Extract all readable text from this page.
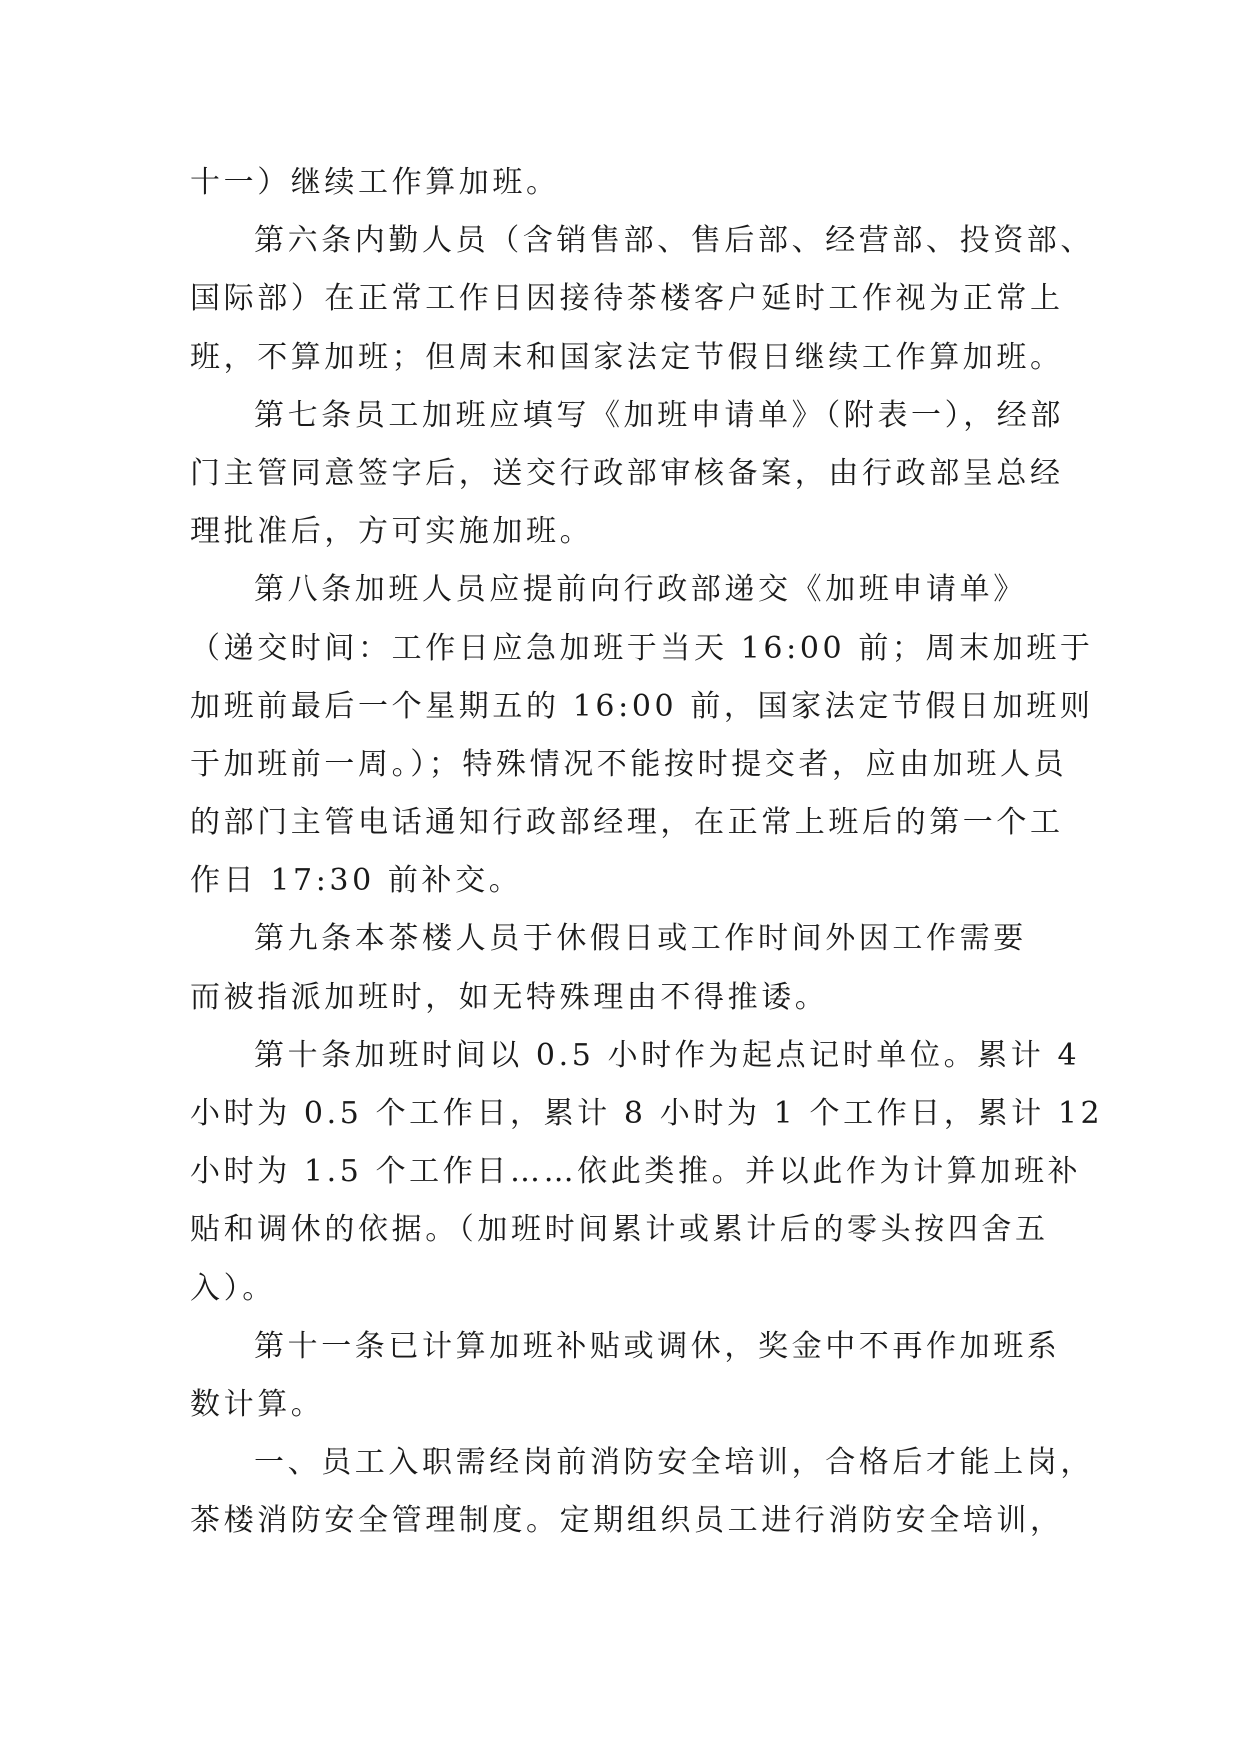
十一）继续工作算加班。
第六条内勤人员（含销售部、售后部、经营部、投资部、
国际部）在正常工作日因接待茶楼客户延时工作视为正常上
班，不算加班；但周末和国家法定节假日继续工作算加班。
第七条员工加班应填写《加班申请单》（附表一），经部
门主管同意签字后，送交行政部审核备案，由行政部呈总经
理批准后，方可实施加班。
第八条加班人员应提前向行政部递交《加班申请单》
（递交时间：工作日应急加班于当天 16:00 前；周末加班于
加班前最后一个星期五的 16:00 前，国家法定节假日加班则
于加班前一周。）；特殊情况不能按时提交者，应由加班人员
的部门主管电话通知行政部经理，在正常上班后的第一个工
作日 17:30 前补交。
第九条本茶楼人员于休假日或工作时间外因工作需要
而被指派加班时，如无特殊理由不得推诿。
第十条加班时间以 0.5 小时作为起点记时单位。累计 4
小时为 0.5 个工作日，累计 8 小时为 1 个工作日，累计 12
小时为 1.5 个工作日……依此类推。并以此作为计算加班补
贴和调休的依据。（加班时间累计或累计后的零头按四舍五
入）。
第十一条已计算加班补贴或调休，奖金中不再作加班系
数计算。
一、员工入职需经岗前消防安全培训，合格后才能上岗，
茶楼消防安全管理制度。定期组织员工进行消防安全培训，
